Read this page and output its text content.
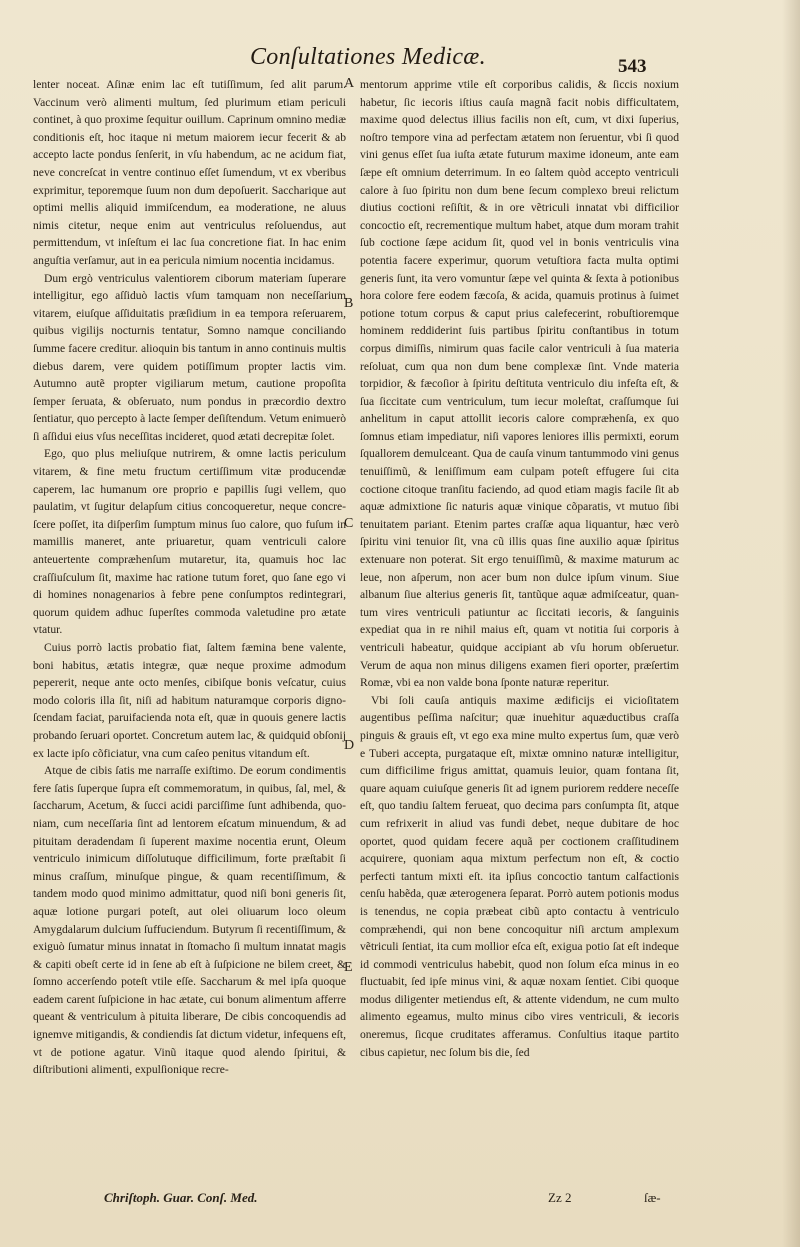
Conſultationes Medicæ.	543

lenter noceat. Aſinæ enim lac eſt tutiſſimum, ſed alit parum. Vaccinum verò alimenti multum, ſed plurimum etiam periculi continet, à quo proxime ſequitur ouillum. Caprinum omnino mediæ conditionis eſt, hoc itaque ni metum maiorem iecur fecerit & ab accepto lacte pondus ſenſerit, in vſu habendum, ac ne acidum fiat, neve concreſcat in ventre continuo eſſet ſumendum, vt ex vberibus exprimitur, teporemque ſuum non dum depoſuerit. Saccharique aut optimi mellis aliquid immiſcendum, ea moderatione, ne aluus nimis citetur, neque enim aut ventriculus reſoluendus, aut permittendum, vt inſeſtum ei lac ſua concretione fiat. In hac enim anguſtia verſamur, aut in ea pericula nimium nocentia incidamus.

Dum ergò ventriculus valentiorem ciborum materiam ſuperare intelligitur, ego aſſiduò lactis vſum tamquam non neceſſarium vitarem, eiuſque aſſiduitatis præſidium in ea tempora reſeruarem, quibus vigilijs nocturnis tentatur, Somno namque conciliando ſumme facere creditur. alioquin bis tantum in anno continuis multis diebus darem, vere quidem potiſſimum propter lactis vim. Autumno autẽ propter vigiliarum metum, cautione propoſita ſemper ſeruata, & obſeruato, num pondus in præcordio dextro ſentiatur, quo percepto à lacte ſemper deſiſtendum. Vetum enimuerò ſi aſſidui eius vſus neceſſitas incideret, quod ætati decrepitæ ſolet.

Ego, quo plus meliuſque nutrirem, & omne lactis periculum vitarem, & fine metu fructum certiſſimum vitæ producendæ caperem, lac humanum ore proprio e papillis ſugi vellem, quo paulatim, vt ſugitur delapſum citius concoqueretur, neque concreſcere poſſet, ita diſperſim ſumptum minus ſuo calore, quo fuſum in mamillis maneret, ante priuaretur, quam ventriculi calore anteuertente compræhenſum mutaretur, ita, quamuis hoc lac craſſiuſculum ſit, maxime hac ratione tutum foret, quo ſane ego vi di homines nonagenarios à febre pene conſumptos redintegrari, quorum quidem adhuc ſuperſtes commoda valetudine pro ætate vtatur.

Cuius porrò lactis probatio fiat, ſaltem fæmina bene valente, boni habitus, ætatis integræ, quæ neque proxime admodum pepererit, neque ante octo menſes, cibiſque bonis veſcatur, cuius modo coloris illa ſit, niſi ad habitum naturamque corporis dignoſcendam faciat, paruifacienda nota eſt, quæ in quouis genere lactis probando ſeruari oportet. Concretum autem lac, & quidquid obſonij ex lacte ipſo cõficiatur, vna cum caſeo penitus vitandum eſt.

Atque de cibis ſatis me narraſſe exiſtimo. De eorum condimentis fere ſatis ſuperque ſupra eſt commemoratum, in quibus, ſal, mel, & ſaccharum, Acetum, & ſucci acidi parciſſime ſunt adhibenda, quoniam, cum neceſſaria ſint ad lentorem eſcatum minuendum, & ad pituitam deradendam ſi ſuperent maxime nocentia erunt, Oleum ventriculo inimicum diſſolutuque difficilimum, forte præſtabit ſi minus craſſum, minuſque pingue, & quam recentiſſimum, & tandem modo quod minimo admittatur, quod niſi boni generis ſit, aquæ lotione purgari poteſt, aut olei oliuarum loco oleum Amygdalarum dulcium ſuffuciendum. Butyrum ſi recentiſſimum, & exiguò ſumatur minus innatat in ſtomacho ſi multum innatat magis & capiti obeſt certe id in ſene ab eſt à ſuſpicione ne bilem creet, & ſomno accerſendo poteſt vtile eſſe. Saccharum & mel ipſa quoque eadem carent ſuſpicione in hac ætate, cui bonum alimentum afferre queant & ventriculum à pituita liberare, De cibis concoquendis ad ignemve mitigandis, & condiendis ſat dictum videtur, infequens eſt, vt de potione agatur. Vinũ itaque quod alendo ſpiritui, & diſtributioni alimenti, expulſionique recre-

A
B
C
D
E

mentorum apprime vtile eſt corporibus calidis, & ſiccis noxium habetur, ſic iecoris iſtius cauſa magnã facit nobis difficultatem, maxime quod delectus illius facilis non eſt, cum, vt dixi ſuperius, noſtro tempore vina ad perfectam ætatem non ſeruentur, vbi ſi quod vini genus eſſet ſua iuſta ætate futurum maxime idoneum, ante eam ſæpe eſt omnium deterrimum. In eo ſaltem quòd accepto ventriculi calore à ſuo ſpiritu non dum bene ſecum complexo breui relictum diutius coctioni reſiſtit, & in ore vẽtriculi innatat vbi difficilior concoctio eſt, recrementique multum habet, atque dum moram trahit ſub coctione ſæpe acidum ſit, quod vel in bonis ventriculis vina potentia facere experimur, quorum vetuſtiora facta multa optimi generis ſunt, ita vero vomuntur ſæpe vel quinta & ſexta à potionibus hora colore fere eodem fæcoſa, & acida, quamuis protinus à ſuimet potione totum corpus & caput prius calefecerint, robuſtioremque hominem reddiderint ſuis partibus ſpiritu conſtantibus in totum corpus dimiſſis, nimirum quas facile calor ventriculi à ſua materia reſoluat, cum qua non dum bene complexæ ſint. Vnde materia torpidior, & fæcoſior à ſpiritu deſtituta ventriculo diu infeſta eſt, & ſua ſiccitate cum ventriculum, tum iecur moleſtat, craſſumque ſui anhelitum in caput attollit iecoris calore compræhenſa, ex quo ſomnus etiam impediatur, niſi vapores leniores illis permixti, eorum ſquallorem demulceant. Qua de cauſa vinum tantummodo vini genus tenuiſſimũ, & leniſſimum eam culpam poteſt effugere ſui cita coctione citoque tranſitu faciendo, ad quod etiam magis facile ſit ab aquæ admixtione ſic naturis aquæ vinique cõparatis, vt mutuo ſibi tenuitatem pariant. Etenim partes craſſæ aqua liquantur, hæc verò ſpiritu vini tenuior ſit, vna cũ illis quas ſine auxilio aquæ ſpiritus extenuare non poterat. Sit ergo tenuiſſimũ, & maxime maturum ac leue, non aſperum, non acer bum non dulce ipſum vinum. Siue albanum ſiue alterius generis ſit, tantũque aquæ admiſceatur, quantum vires ventriculi patiuntur ac ſiccitati iecoris, & ſanguinis expediat qua in re nihil maius eſt, quam vt notitia ſui corporis à ventriculi habeatur, quidque accipiant ab vſu horum obſeruetur. Verum de aqua non minus diligens examen fieri oporter, præſertim Romæ, vbi ea non valde bona ſponte naturæ reperitur.

Vbi ſoli cauſa antiquis maxime ædificijs ei vicioſitatem augentibus peſſima naſcitur; quæ inuehitur aquæductibus craſſa pinguis & grauis eſt, vt ego exa mine multo expertus ſum, quæ verò e Tuberi accepta, purgataque eſt, mixtæ omnino naturæ intelligitur, cum difficilime frigus amittat, quamuis leuior, quam fontana ſit, quare aquam cuiuſque generis ſit ad ignem puriorem reddere neceſſe eſt, quo tandiu ſaltem ferueat, quo decima pars conſumpta ſit, atque cum refrixerit in aliud vas fundi debet, neque dubitare de hoc oportet, quod quidam fecere aquã per coctionem craſſitudinem acquirere, quoniam aqua mixtum perfectum non eſt, & coctio perfecti tantum mixti eſt. ita ipſius concoctio tantum calfactionis cenſu habẽda, quæ æterogenera ſeparat. Porrò autem potionis modus is tenendus, ne copia præbeat cibũ apto contactu à ventriculo compræhendi, qui non bene concoquitur niſi arctum amplexum vẽtriculi ſentiat, ita cum mollior eſca eſt, exigua potio ſat eſt indeque id commodi ventriculus habebit, quod non ſolum eſca minus in eo fluctuabit, ſed ipſe minus vini, & aquæ noxam ſentiet. Cibi quoque modus diligenter metiendus eſt, & attente videndum, ne cum multo alimento egeamus, multo minus cibo vires ventriculi, & iecoris oneremus, ſicque cruditates afferamus. Conſultius itaque partito cibus capietur, nec ſolum bis die, ſed

Chriſtoph. Guar. Conſ. Med.	Zz 2	ſæ-
